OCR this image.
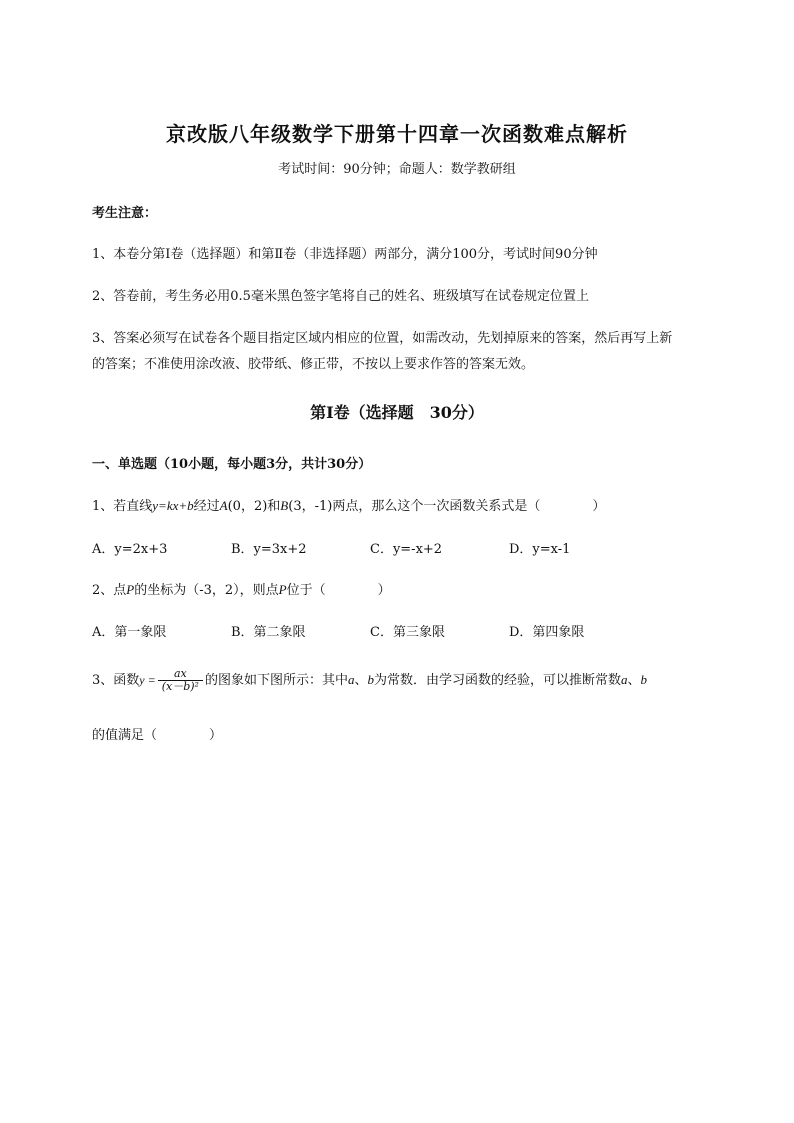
京改版八年级数学下册第十四章一次函数难点解析
考试时间：90分钟；命题人：数学教研组
考生注意：
1、本卷分第I卷（选择题）和第Ⅱ卷（非选择题）两部分，满分100分，考试时间90分钟
2、答卷前，考生务必用0.5毫米黑色签字笔将自己的姓名、班级填写在试卷规定位置上
3、答案必须写在试卷各个题目指定区域内相应的位置，如需改动，先划掉原来的答案，然后再写上新
的答案；不准使用涂改液、胶带纸、修正带，不按以上要求作答的答案无效。
第I卷（选择题　30分）
一、单选题（10小题，每小题3分，共计30分）
1、若直线y=kx+b经过A(0，2)和B(3，-1)两点，那么这个一次函数关系式是（　　　　）
A．y=2x+3	B．y=3x+2	C．y=-x+2	D．y=x-1
2、点P的坐标为（-3，2），则点P位于（　　　　）
A．第一象限	B．第二象限	C．第三象限	D．第四象限
3、函数$y = \frac{ax}{\text{(x－b)²}}$ 的图象如下图所示：其中a、b为常数．由学习函数的经验，可以推断常数a、b
的值满足（　　　　）
